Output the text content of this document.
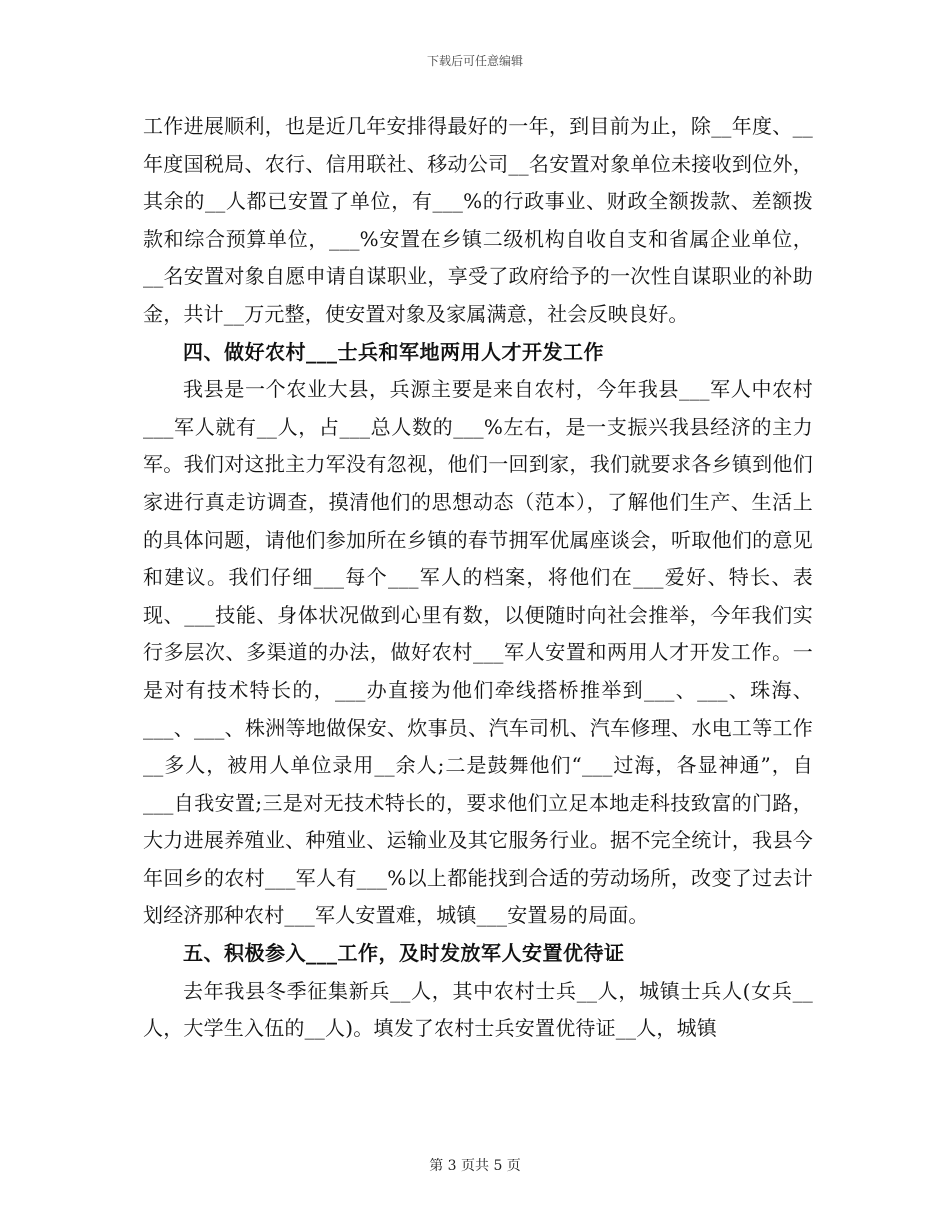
下载后可任意编辑

工作进展顺利，也是近几年安排得最好的一年，到目前为止，除__年度、__年度国税局、农行、信用联社、移动公司__名安置对象单位未接收到位外，其余的__人都已安置了单位，有___%的行政事业、财政全额拨款、差额拨款和综合预算单位，___%安置在乡镇二级机构自收自支和省属企业单位，__名安置对象自愿申请自谋职业，享受了政府给予的一次性自谋职业的补助金，共计__万元整，使安置对象及家属满意，社会反映良好。

四、做好农村___士兵和军地两用人才开发工作

我县是一个农业大县，兵源主要是来自农村，今年我县___军人中农村___军人就有__人，占___总人数的___%左右，是一支振兴我县经济的主力军。我们对这批主力军没有忽视，他们一回到家，我们就要求各乡镇到他们家进行真走访调查，摸清他们的思想动态（范本），了解他们生产、生活上的具体问题，请他们参加所在乡镇的春节拥军优属座谈会，听取他们的意见和建议。我们仔细___每个___军人的档案，将他们在___爱好、特长、表现、___技能、身体状况做到心里有数，以便随时向社会推举，今年我们实行多层次、多渠道的办法，做好农村___军人安置和两用人才开发工作。一是对有技术特长的，___办直接为他们牵线搭桥推举到___、___、珠海、___、___、株洲等地做保安、炊事员、汽车司机、汽车修理、水电工等工作__多人，被用人单位录用__余人;二是鼓舞他们“___过海，各显神通”，自___自我安置;三是对无技术特长的，要求他们立足本地走科技致富的门路，大力进展养殖业、种殖业、运输业及其它服务行业。据不完全统计，我县今年回乡的农村___军人有___%以上都能找到合适的劳动场所，改变了过去计划经济那种农村___军人安置难，城镇___安置易的局面。

五、积极参入___工作，及时发放军人安置优待证

去年我县冬季征集新兵__人，其中农村士兵__人，城镇士兵人(女兵__人，大学生入伍的__人)。填发了农村士兵安置优待证__人，城镇

第 3 页共 5 页
